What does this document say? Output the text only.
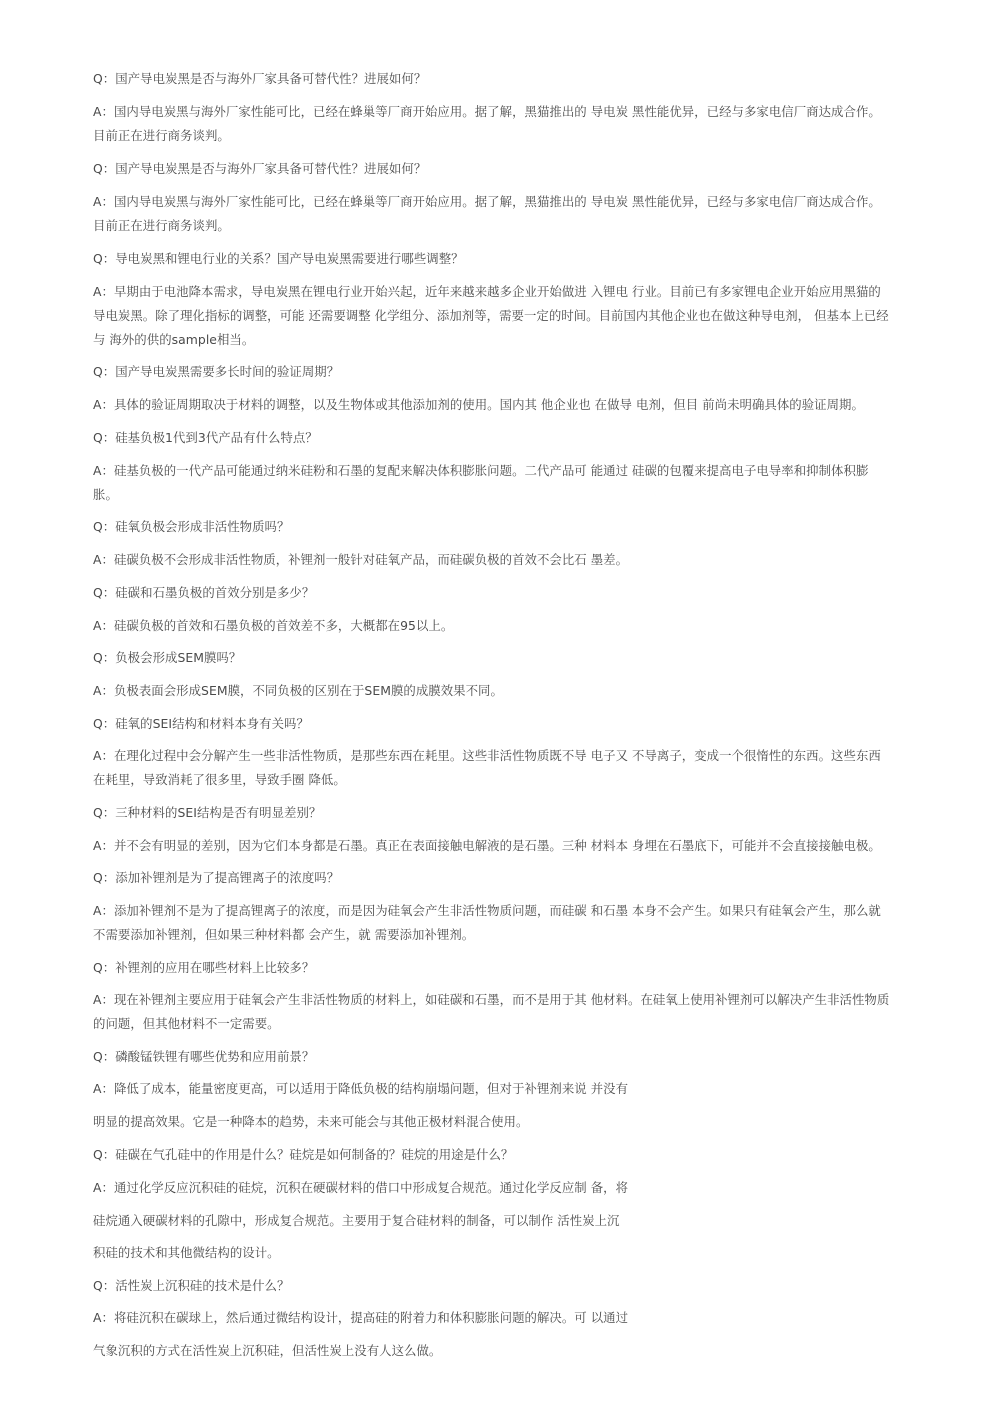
Q：国产导电炭黑是否与海外厂家具备可替代性？进展如何？

A：国内导电炭黑与海外厂家性能可比，已经在蜂巢等厂商开始应用。据了解，黑猫推出的 导电炭 黑性能优异，已经与多家电信厂商达成合作。

目前正在进行商务谈判。

Q：国产导电炭黑是否与海外厂家具备可替代性？进展如何？

A：国内导电炭黑与海外厂家性能可比，已经在蜂巢等厂商开始应用。据了解，黑猫推出的 导电炭 黑性能优异，已经与多家电信厂商达成合作。

目前正在进行商务谈判。

Q：导电炭黑和锂电行业的关系？国产导电炭黑需要进行哪些调整？

A：早期由于电池降本需求，导电炭黑在锂电行业开始兴起，近年来越来越多企业开始做进 入锂电 行业。目前已有多家锂电企业开始应用黑猫的

导电炭黑。除了理化指标的调整，可能 还需要调整 化学组分、添加剂等，需要一定的时间。目前国内其他企业也在做这种导电剂， 但基本上已经

与 海外的供的sample相当。

Q：国产导电炭黑需要多长时间的验证周期？

A：具体的验证周期取决于材料的调整，以及生物体或其他添加剂的使用。国内其 他企业也 在做导 电剂，但目 前尚未明确具体的验证周期。

Q：硅基负极1代到3代产品有什么特点？

A：硅基负极的一代产品可能通过纳米硅粉和石墨的复配来解决体积膨胀问题。二代产品可 能通过 硅碳的包覆来提高电子电导率和抑制体积膨

胀。

Q：硅氧负极会形成非活性物质吗？

A：硅碳负极不会形成非活性物质，补锂剂一般针对硅氧产品，而硅碳负极的首效不会比石 墨差。

Q：硅碳和石墨负极的首效分别是多少？

A：硅碳负极的首效和石墨负极的首效差不多，大概都在95以上。

Q：负极会形成SEM膜吗？

A：负极表面会形成SEM膜，不同负极的区别在于SEM膜的成膜效果不同。

Q：硅氧的SEI结构和材料本身有关吗？

A：在理化过程中会分解产生一些非活性物质，是那些东西在耗里。这些非活性物质既不导 电子又 不导离子，变成一个很惰性的东西。这些东西

在耗里，导致消耗了很多里，导致手圈 降低。

Q：三种材料的SEI结构是否有明显差别？

A：并不会有明显的差别，因为它们本身都是石墨。真正在表面接触电解液的是石墨。三种 材料本 身埋在石墨底下，可能并不会直接接触电极。

Q：添加补锂剂是为了提高锂离子的浓度吗？

A：添加补锂剂不是为了提高锂离子的浓度，而是因为硅氧会产生非活性物质问题，而硅碳 和石墨 本身不会产生。如果只有硅氧会产生，那么就

不需要添加补锂剂，但如果三种材料都 会产生，就 需要添加补锂剂。

Q：补锂剂的应用在哪些材料上比较多？

A：现在补锂剂主要应用于硅氧会产生非活性物质的材料上，如硅碳和石墨，而不是用于其 他材料。在硅氧上使用补锂剂可以解决产生非活性物质

的问题，但其他材料不一定需要。

Q：磷酸锰铁锂有哪些优势和应用前景？

A：降低了成本，能量密度更高，可以适用于降低负极的结构崩塌问题，但对于补锂剂来说 并没有

明显的提高效果。它是一种降本的趋势，未来可能会与其他正极材料混合使用。

Q：硅碳在气孔硅中的作用是什么？硅烷是如何制备的？硅烷的用途是什么？

A：通过化学反应沉积硅的硅烷，沉积在硬碳材料的借口中形成复合规范。通过化学反应制 备，将

硅烷通入硬碳材料的孔隙中，形成复合规范。主要用于复合硅材料的制备，可以制作 活性炭上沉

积硅的技术和其他微结构的设计。

Q：活性炭上沉积硅的技术是什么？

A：将硅沉积在碳球上，然后通过微结构设计，提高硅的附着力和体积膨胀问题的解决。可 以通过

气象沉积的方式在活性炭上沉积硅，但活性炭上没有人这么做。
